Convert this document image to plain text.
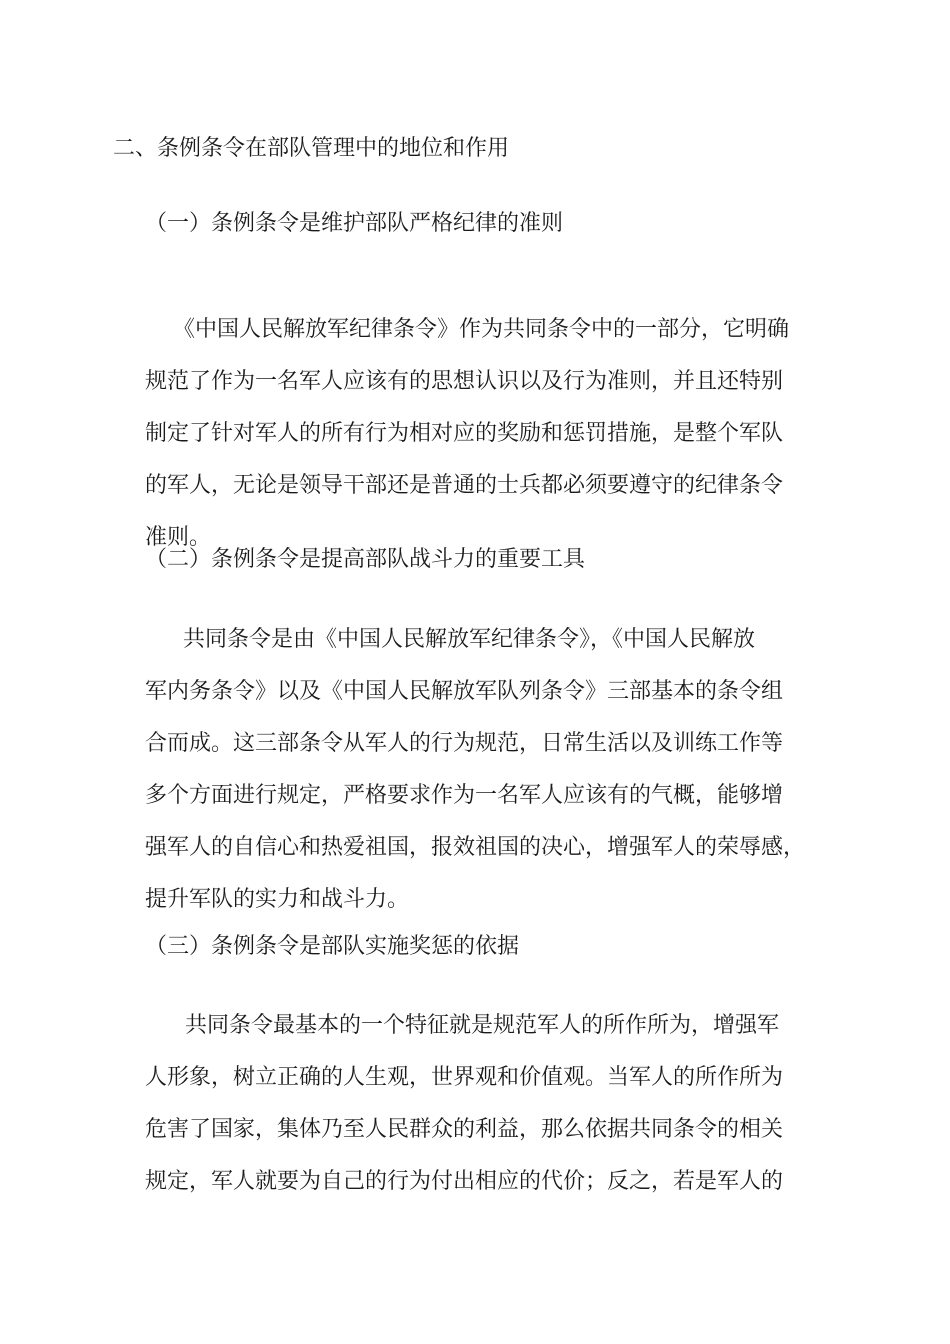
二、条例条令在部队管理中的地位和作用
（一）条例条令是维护部队严格纪律的准则
《中国人民解放军纪律条令》作为共同条令中的一部分，它明确
规范了作为一名军人应该有的思想认识以及行为准则，并且还特别
制定了针对军人的所有行为相对应的奖励和惩罚措施，是整个军队
的军人，无论是领导干部还是普通的士兵都必须要遵守的纪律条令
准则。
（二）条例条令是提高部队战斗力的重要工具
共同条令是由《中国人民解放军纪律条令》，《中国人民解放
军内务条令》以及《中国人民解放军队列条令》三部基本的条令组
合而成。这三部条令从军人的行为规范，日常生活以及训练工作等
多个方面进行规定，严格要求作为一名军人应该有的气概，能够增
强军人的自信心和热爱祖国，报效祖国的决心，增强军人的荣辱感，
提升军队的实力和战斗力。
（三）条例条令是部队实施奖惩的依据
共同条令最基本的一个特征就是规范军人的所作所为，增强军
人形象，树立正确的人生观，世界观和价值观。当军人的所作所为
危害了国家，集体乃至人民群众的利益，那么依据共同条令的相关
规定，军人就要为自己的行为付出相应的代价；反之，若是军人的
